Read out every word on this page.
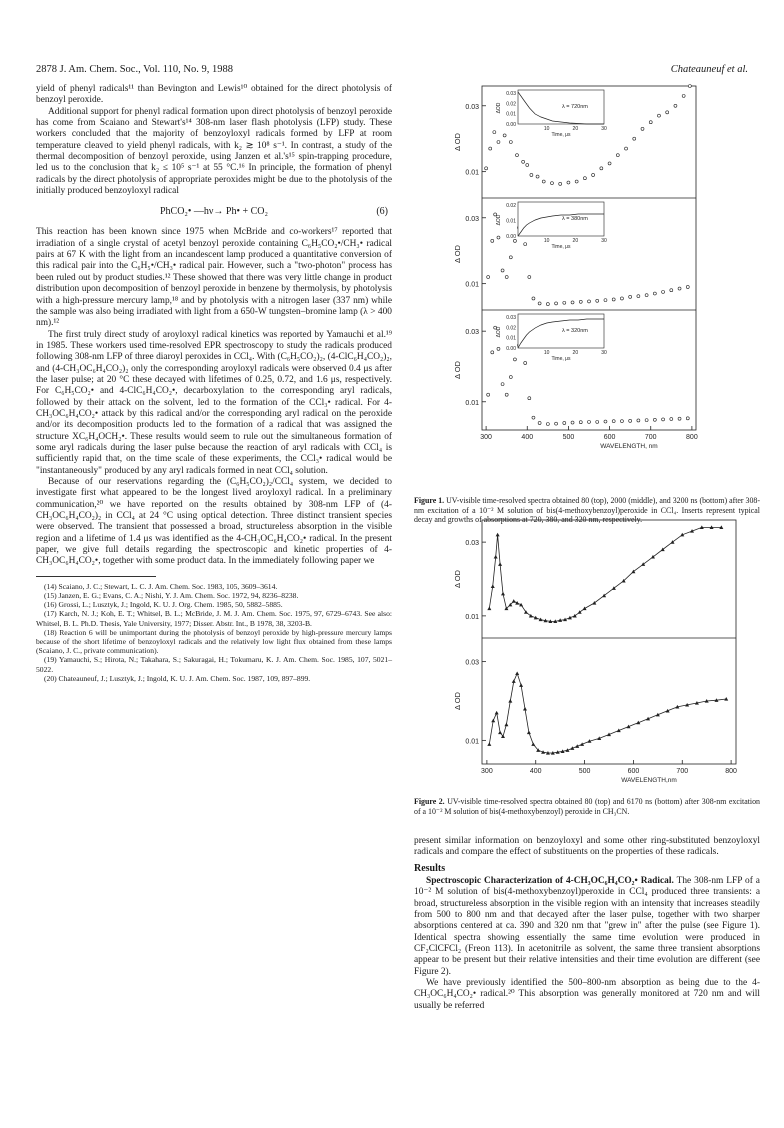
2878 J. Am. Chem. Soc., Vol. 110, No. 9, 1988	Chateauneuf et al.

yield of phenyl radicals¹¹ than Bevington and Lewis¹⁰ obtained for the direct photolysis of benzoyl peroxide.

Additional support for phenyl radical formation upon direct photolysis of benzoyl peroxide has come from Scaiano and Stewart's¹⁴ 308-nm laser flash photolysis (LFP) study. These workers concluded that the majority of benzoyloxyl radicals formed by LFP at room temperature cleaved to yield phenyl radicals, with k₂ ≳ 10⁸ s⁻¹. In contrast, a study of the thermal decomposition of benzoyl peroxide, using Janzen et al.'s¹⁵ spin-trapping procedure, led us to the conclusion that k₂ ≤ 10⁵ s⁻¹ at 55 °C.¹⁶ In principle, the formation of phenyl radicals by the direct photolysis of appropriate peroxides might be due to the photolysis of the initially produced benzoyloxyl radical

PhCO₂• —hν→ Ph• + CO₂	(6)

This reaction has been known since 1975 when McBride and co-workers¹⁷ reported that irradiation of a single crystal of acetyl benzoyl peroxide containing C₆H₅CO₂•/CH₃• radical pairs at 67 K with the light from an incandescent lamp produced a quantitative conversion of this radical pair into the C₆H₅•/CH₃• radical pair. However, such a "two-photon" process has been ruled out by product studies.¹² These showed that there was very little change in product distribution upon decomposition of benzoyl peroxide in benzene by thermolysis, by photolysis with a high-pressure mercury lamp,¹⁸ and by photolysis with a nitrogen laser (337 nm) while the sample was also being irradiated with light from a 650-W tungsten–bromine lamp (λ > 400 nm).¹²

The first truly direct study of aroyloxyl radical kinetics was reported by Yamauchi et al.¹⁹ in 1985. These workers used time-resolved EPR spectroscopy to study the radicals produced following 308-nm LFP of three diaroyl peroxides in CCl₄. With (C₆H₅CO₂)₂, (4-ClC₆H₄CO₂)₂, and (4-CH₃OC₆H₄CO₂)₂ only the corresponding aroyloxyl radicals were observed 0.4 μs after the laser pulse; at 20 °C these decayed with lifetimes of 0.25, 0.72, and 1.6 μs, respectively. For C₆H₅CO₂• and 4-ClC₆H₄CO₂•, decarboxylation to the corresponding aryl radicals, followed by their attack on the solvent, led to the formation of the CCl₃• radical. For 4-CH₃OC₆H₄CO₂• attack by this radical and/or the corresponding aryl radical on the peroxide and/or its decomposition products led to the formation of a radical that was assigned the structure XC₆H₄OCH₂•. These results would seem to rule out the simultaneous formation of some aryl radicals during the laser pulse because the reaction of aryl radicals with CCl₄ is sufficiently rapid that, on the time scale of these experiments, the CCl₃• radical would be "instantaneously" produced by any aryl radicals formed in neat CCl₄ solution.

Because of our reservations regarding the (C₆H₅CO₂)₂/CCl₄ system, we decided to investigate first what appeared to be the longest lived aroyloxyl radical. In a preliminary communication,²⁰ we have reported on the results obtained by 308-nm LFP of (4-CH₃OC₆H₄CO₂)₂ in CCl₄ at 24 °C using optical detection. Three distinct transient species were observed. The transient that possessed a broad, structureless absorption in the visible region and a lifetime of 1.4 μs was identified as the 4-CH₃OC₆H₄CO₂• radical. In the present paper, we give full details regarding the spectroscopic and kinetic properties of 4-CH₃OC₆H₄CO₂•, together with some product data. In the immediately following paper we

(14) Scaiano, J. C.; Stewart, L. C. J. Am. Chem. Soc. 1983, 105, 3609–3614.

(15) Janzen, E. G.; Evans, C. A.; Nishi, Y. J. Am. Chem. Soc. 1972, 94, 8236–8238.

(16) Grossi, L.; Lusztyk, J.; Ingold, K. U. J. Org. Chem. 1985, 50, 5882–5885.

(17) Karch, N. J.; Koh, E. T.; Whitsel, B. L.; McBride, J. M. J. Am. Chem. Soc. 1975, 97, 6729–6743. See also: Whitsel, B. L. Ph.D. Thesis, Yale University, 1977; Disser. Abstr. Int., B 1978, 38, 3203-B.

(18) Reaction 6 will be unimportant during the photolysis of benzoyl peroxide by high-pressure mercury lamps because of the short lifetime of benzoyloxyl radicals and the relatively low light flux obtained from these lamps (Scaiano, J. C., private communication).

(19) Yamauchi, S.; Hirota, N.; Takahara, S.; Sakuragai, H.; Tokumaru, K. J. Am. Chem. Soc. 1985, 107, 5021–5022.

(20) Chateauneuf, J.; Lusztyk, J.; Ingold, K. U. J. Am. Chem. Soc. 1987, 109, 897–899.

0.03
0.01
Δ OD
λ = 720nm
0.03
0.02
0.01
0.00
ΔOD
10	20	30
Time, μs
0.03
0.01
Δ OD
λ = 380nm
0.02
0.01
0.00
ΔOD
10	20	30
Time, μs
0.03
0.01
Δ OD
λ = 320nm
0.03
0.02
0.01
0.00
ΔOD
10	20	30
Time, μs
300	400	500	600	700	800
WAVELENGTH, nm
Figure 1. UV-visible time-resolved spectra obtained 80 (top), 2000 (middle), and 3200 ns (bottom) after 308-nm excitation of a 10⁻² M solution of bis(4-methoxybenzoyl)peroxide in CCl₄. Inserts represent typical decay and growths of absorptions at 720, 380, and 320 nm, respectively.
0.03
0.01
Δ OD
0.03
0.01
Δ OD
300	400	500	600	700	800
WAVELENGTH,nm
Figure 2. UV-visible time-resolved spectra obtained 80 (top) and 6170 ns (bottom) after 308-nm excitation of a 10⁻² M solution of bis(4-methoxybenzoyl) peroxide in CH₃CN.

present similar information on benzoyloxyl and some other ring-substituted benzoyloxyl radicals and compare the effect of substituents on the properties of these radicals.

Results

Spectroscopic Characterization of 4-CH₃OC₆H₄CO₂• Radical. The 308-nm LFP of a 10⁻² M solution of bis(4-methoxybenzoyl)peroxide in CCl₄ produced three transients: a broad, structureless absorption in the visible region with an intensity that increases steadily from 500 to 800 nm and that decayed after the laser pulse, together with two sharper absorptions centered at ca. 390 and 320 nm that "grew in" after the pulse (see Figure 1). Identical spectra showing essentially the same time evolution were produced in CF₂ClCFCl₂ (Freon 113). In acetonitrile as solvent, the same three transient absorptions appear to be present but their relative intensities and their time evolution are different (see Figure 2).

We have previously identified the 500–800-nm absorption as being due to the 4-CH₃OC₆H₄CO₂• radical.²⁰ This absorption was generally monitored at 720 nm and will usually be referred
